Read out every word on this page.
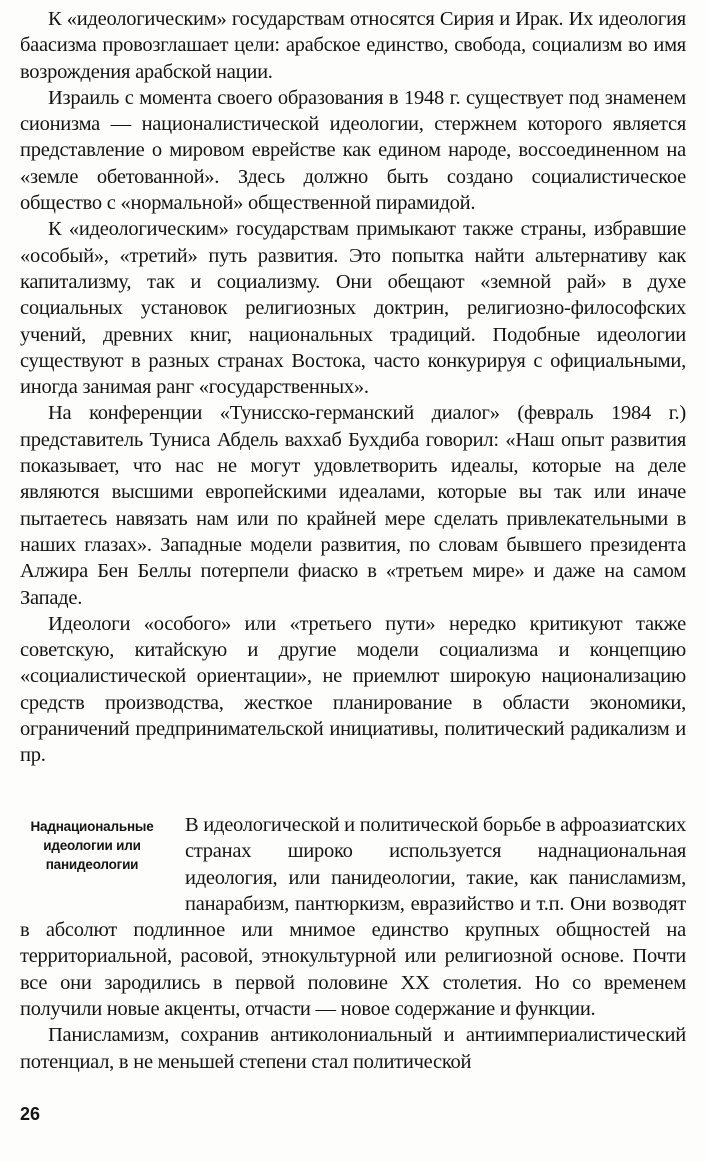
К «идеологическим» государствам относятся Сирия и Ирак. Их идеология баасизма провозглашает цели: арабское единство, свобода, социализм во имя возрождения арабской нации.

Израиль с момента своего образования в 1948 г. существует под знаменем сионизма — националистической идеологии, стержнем которого является представление о мировом еврействе как едином народе, воссоединенном на «земле обетованной». Здесь должно быть создано социалистическое общество с «нормальной» общественной пирамидой.

К «идеологическим» государствам примыкают также страны, избравшие «особый», «третий» путь развития. Это попытка найти альтернативу как капитализму, так и социализму. Они обещают «земной рай» в духе социальных установок религиозных доктрин, религиозно-философских учений, древних книг, национальных традиций. Подобные идеологии существуют в разных странах Востока, часто конкурируя с официальными, иногда занимая ранг «государственных».

На конференции «Тунисско-германский диалог» (февраль 1984 г.) представитель Туниса Абдель ваххаб Бухдиба говорил: «Наш опыт развития показывает, что нас не могут удовлетворить идеалы, которые на деле являются высшими европейскими идеалами, которые вы так или иначе пытаетесь навязать нам или по крайней мере сделать привлекательными в наших глазах». Западные модели развития, по словам бывшего президента Алжира Бен Беллы потерпели фиаско в «третьем мире» и даже на самом Западе.

Идеологи «особого» или «третьего пути» нередко критикуют также советскую, китайскую и другие модели социализма и концепцию «социалистической ориентации», не приемлют широкую национализацию средств производства, жесткое планирование в области экономики, ограничений предпринимательской инициативы, политический радикализм и пр.

Наднациональные идеологии или панидеологии

В идеологической и политической борьбе в афроазиатских странах широко используется наднациональная идеология, или панидеологии, такие, как панисламизм, панарабизм, пантюркизм, евразийство и т.п. Они возводят в абсолют подлинное или мнимое единство крупных общностей на территориальной, расовой, этнокультурной или религиозной основе. Почти все они зародились в первой половине XX столетия. Но со временем получили новые акценты, отчасти — новое содержание и функции.

Панисламизм, сохранив антиколониальный и антиимпериалистический потенциал, в не меньшей степени стал политической

26
